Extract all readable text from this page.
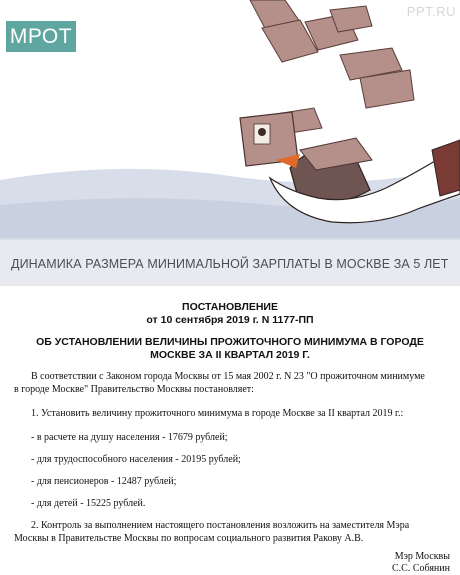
МРОТ
PPT.RU
ДИНАМИКА РАЗМЕРА МИНИМАЛЬНОЙ ЗАРПЛАТЫ В МОСКВЕ ЗА 5 ЛЕТ
ПОСТАНОВЛЕНИЕ
от 10 сентября 2019 г. N 1177-ПП
ОБ УСТАНОВЛЕНИИ ВЕЛИЧИНЫ ПРОЖИТОЧНОГО МИНИМУМА В ГОРОДЕ
МОСКВЕ ЗА II КВАРТАЛ 2019 Г.
В соответствии с Законом города Москвы от 15 мая 2002 г. N 23 "О прожиточном минимуме
в городе Москве" Правительство Москвы постановляет:
1. Установить величину прожиточного минимума в городе Москве за II квартал 2019 г.:
- в расчете на душу населения - 17679 рублей;
- для трудоспособного населения - 20195 рублей;
- для пенсионеров - 12487 рублей;
- для детей - 15225 рублей.
2. Контроль за выполнением настоящего постановления возложить на заместителя Мэра
Москвы в Правительстве Москвы по вопросам социального развития Ракову А.В.
Мэр Москвы
С.С. Собянин
